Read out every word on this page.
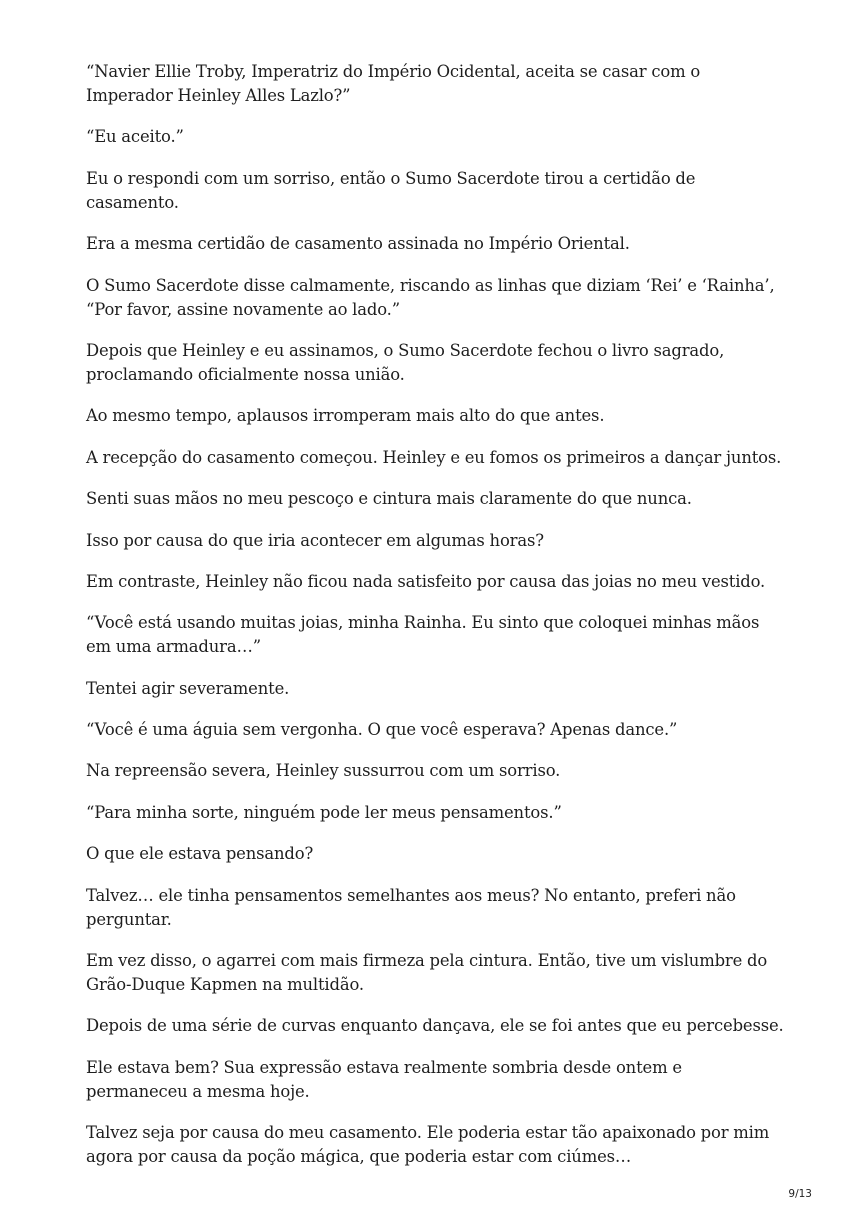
“Navier Ellie Troby, Imperatriz do Império Ocidental, aceita se casar com o Imperador Heinley Alles Lazlo?”

“Eu aceito.”

Eu o respondi com um sorriso, então o Sumo Sacerdote tirou a certidão de casamento.

Era a mesma certidão de casamento assinada no Império Oriental.

O Sumo Sacerdote disse calmamente, riscando as linhas que diziam ‘Rei’ e ‘Rainha’, “Por favor, assine novamente ao lado.”

Depois que Heinley e eu assinamos, o Sumo Sacerdote fechou o livro sagrado, proclamando oficialmente nossa união.

Ao mesmo tempo, aplausos irromperam mais alto do que antes.

A recepção do casamento começou. Heinley e eu fomos os primeiros a dançar juntos.

Senti suas mãos no meu pescoço e cintura mais claramente do que nunca.

Isso por causa do que iria acontecer em algumas horas?

Em contraste, Heinley não ficou nada satisfeito por causa das joias no meu vestido.

“Você está usando muitas joias, minha Rainha. Eu sinto que coloquei minhas mãos em uma armadura…”

Tentei agir severamente.

“Você é uma águia sem vergonha. O que você esperava? Apenas dance.”

Na repreensão severa, Heinley sussurrou com um sorriso.

“Para minha sorte, ninguém pode ler meus pensamentos.”

O que ele estava pensando?

Talvez… ele tinha pensamentos semelhantes aos meus? No entanto, preferi não perguntar.

Em vez disso, o agarrei com mais firmeza pela cintura. Então, tive um vislumbre do Grão-Duque Kapmen na multidão.

Depois de uma série de curvas enquanto dançava, ele se foi antes que eu percebesse.

Ele estava bem? Sua expressão estava realmente sombria desde ontem e permaneceu a mesma hoje.

Talvez seja por causa do meu casamento. Ele poderia estar tão apaixonado por mim agora por causa da poção mágica, que poderia estar com ciúmes…

9/13
